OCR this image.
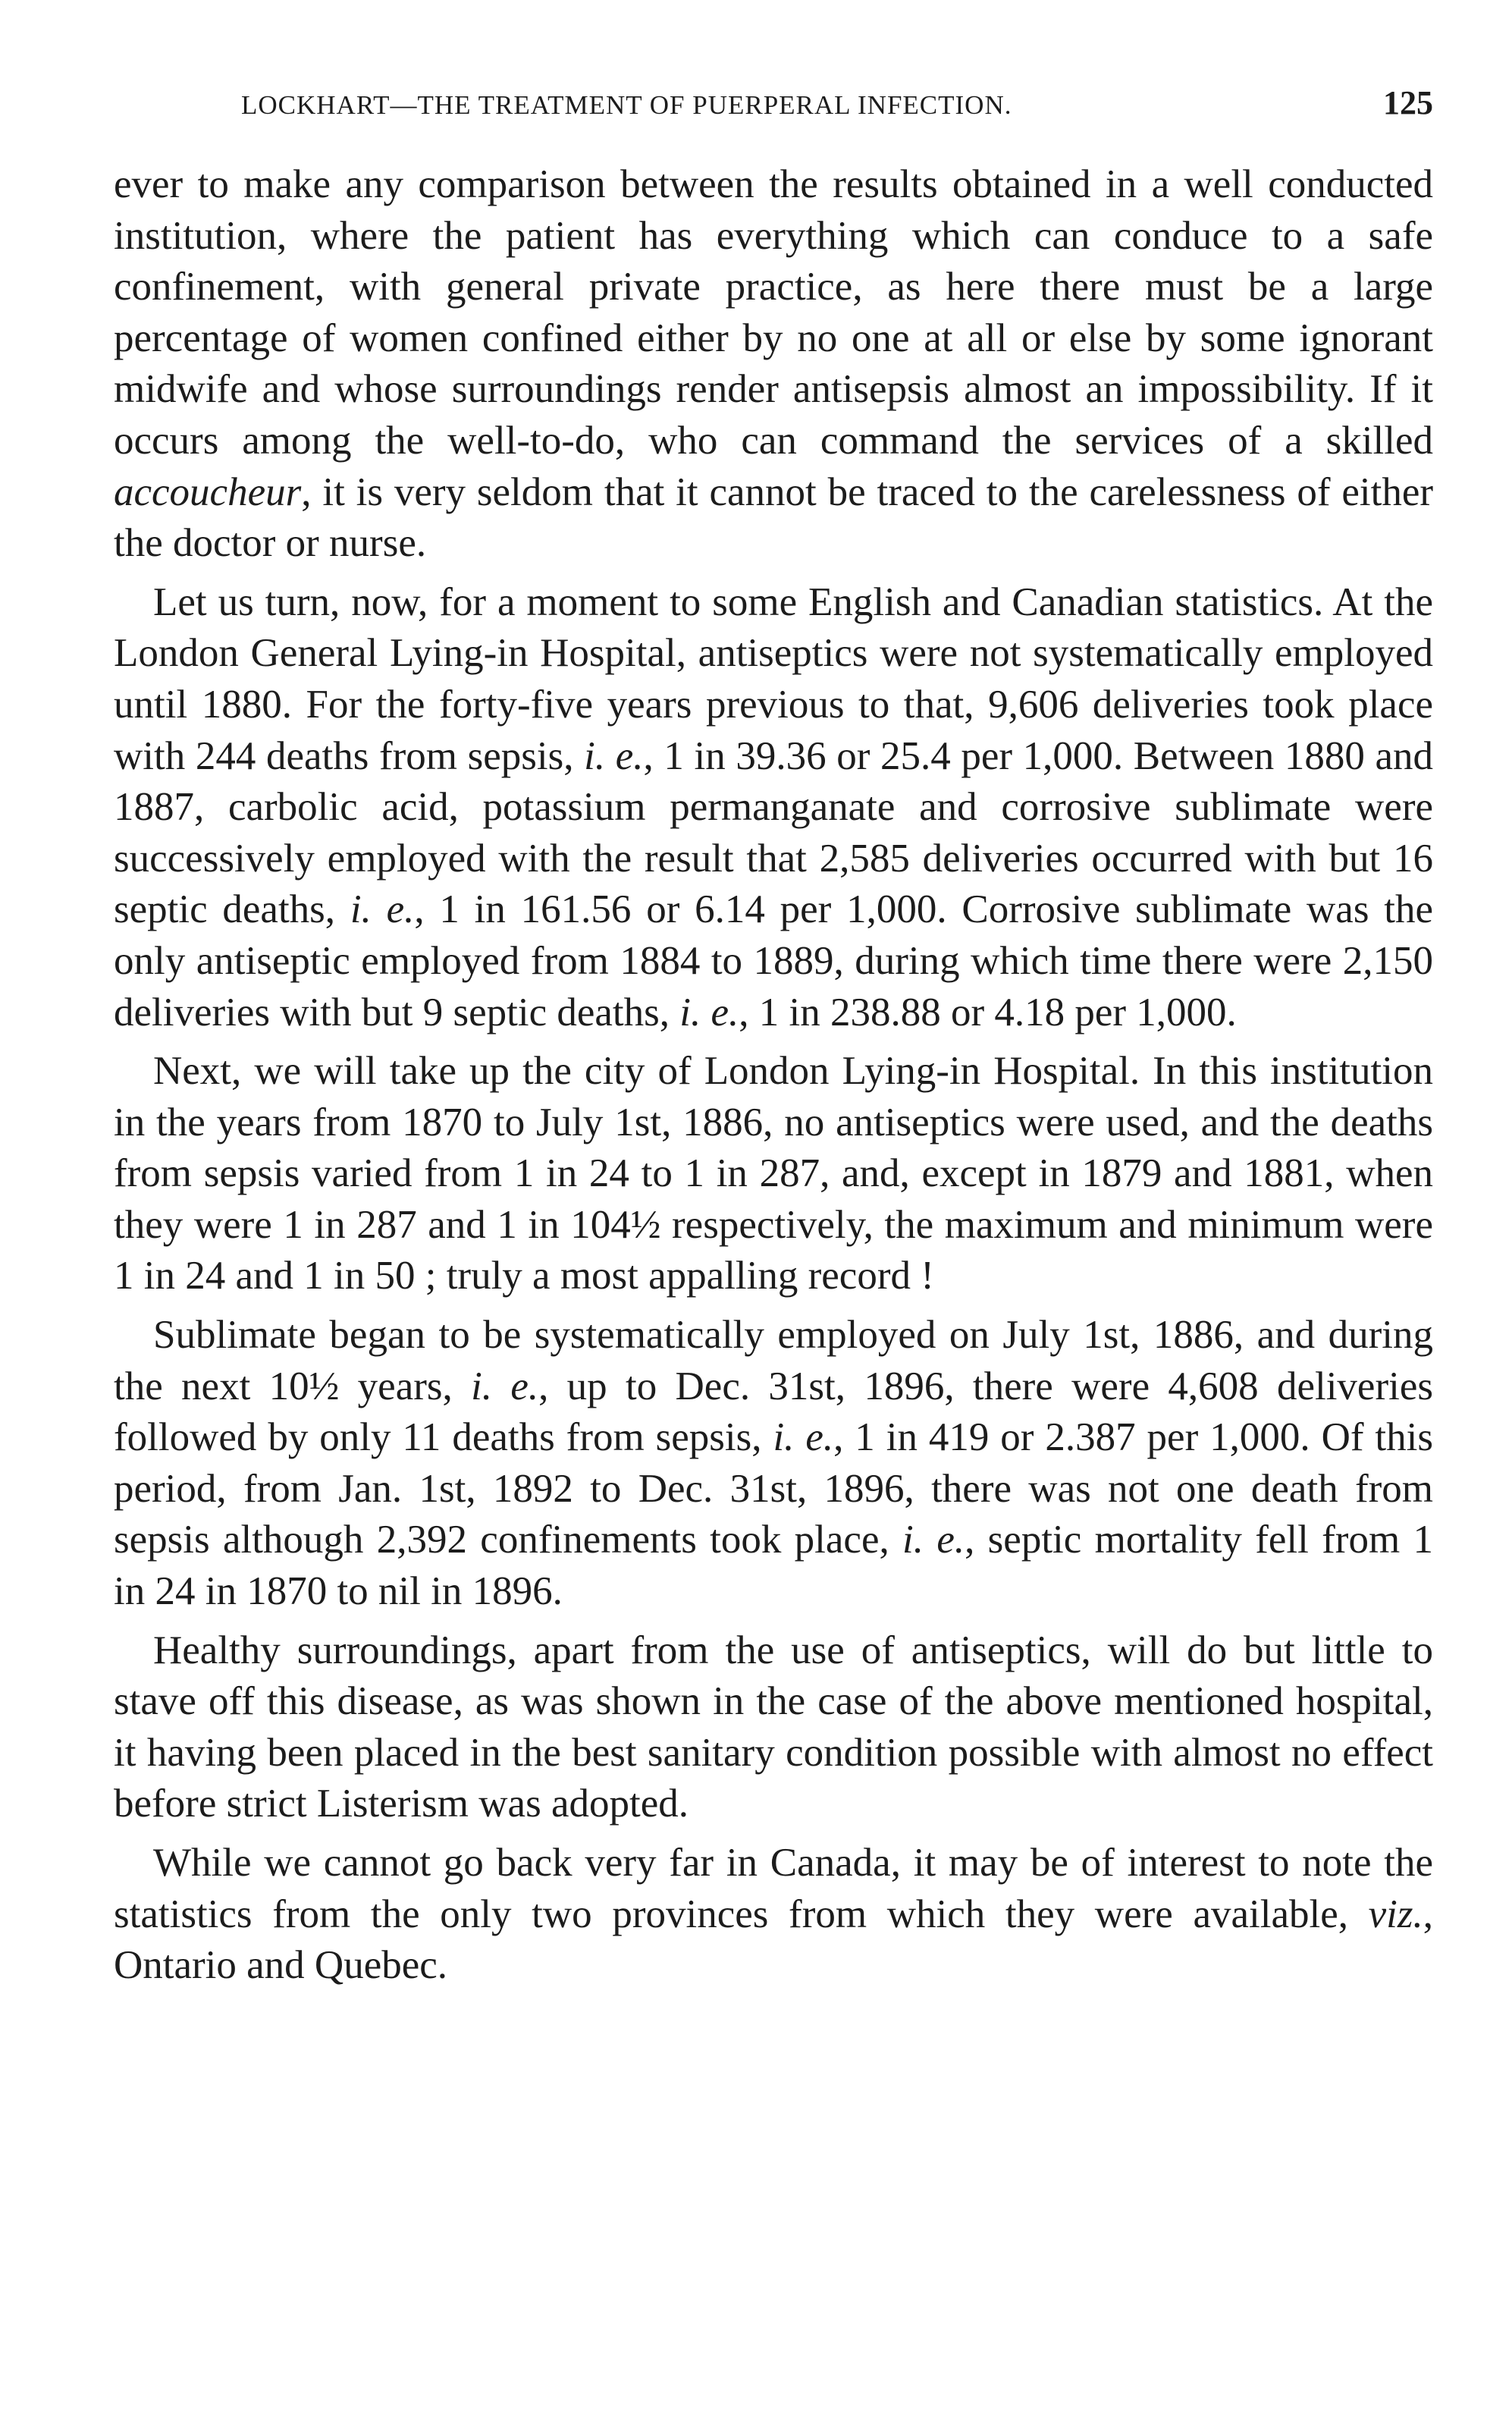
LOCKHART—THE TREATMENT OF PUERPERAL INFECTION.	125

ever to make any comparison between the results obtained in a well conducted institution, where the patient has everything which can conduce to a safe confinement, with general private practice, as here there must be a large percentage of women confined either by no one at all or else by some ignorant midwife and whose surroundings render antisepsis almost an impossibility. If it occurs among the well-to-do, who can command the services of a skilled accoucheur, it is very seldom that it cannot be traced to the carelessness of either the doctor or nurse.

Let us turn, now, for a moment to some English and Canadian statistics. At the London General Lying-in Hospital, antiseptics were not systematically employed until 1880. For the forty-five years previous to that, 9,606 deliveries took place with 244 deaths from sepsis, i. e., 1 in 39.36 or 25.4 per 1,000. Between 1880 and 1887, carbolic acid, potassium permanganate and corrosive sublimate were successively employed with the result that 2,585 deliveries occurred with but 16 septic deaths, i. e., 1 in 161.56 or 6.14 per 1,000. Corrosive sublimate was the only antiseptic employed from 1884 to 1889, during which time there were 2,150 deliveries with but 9 septic deaths, i. e., 1 in 238.88 or 4.18 per 1,000.

Next, we will take up the city of London Lying-in Hospital. In this institution in the years from 1870 to July 1st, 1886, no antiseptics were used, and the deaths from sepsis varied from 1 in 24 to 1 in 287, and, except in 1879 and 1881, when they were 1 in 287 and 1 in 104½ respectively, the maximum and minimum were 1 in 24 and 1 in 50 ; truly a most appalling record !

Sublimate began to be systematically employed on July 1st, 1886, and during the next 10½ years, i. e., up to Dec. 31st, 1896, there were 4,608 deliveries followed by only 11 deaths from sepsis, i. e., 1 in 419 or 2.387 per 1,000. Of this period, from Jan. 1st, 1892 to Dec. 31st, 1896, there was not one death from sepsis although 2,392 confinements took place, i. e., septic mortality fell from 1 in 24 in 1870 to nil in 1896.

Healthy surroundings, apart from the use of antiseptics, will do but little to stave off this disease, as was shown in the case of the above mentioned hospital, it having been placed in the best sanitary condition possible with almost no effect before strict Listerism was adopted.

While we cannot go back very far in Canada, it may be of interest to note the statistics from the only two provinces from which they were available, viz., Ontario and Quebec.
